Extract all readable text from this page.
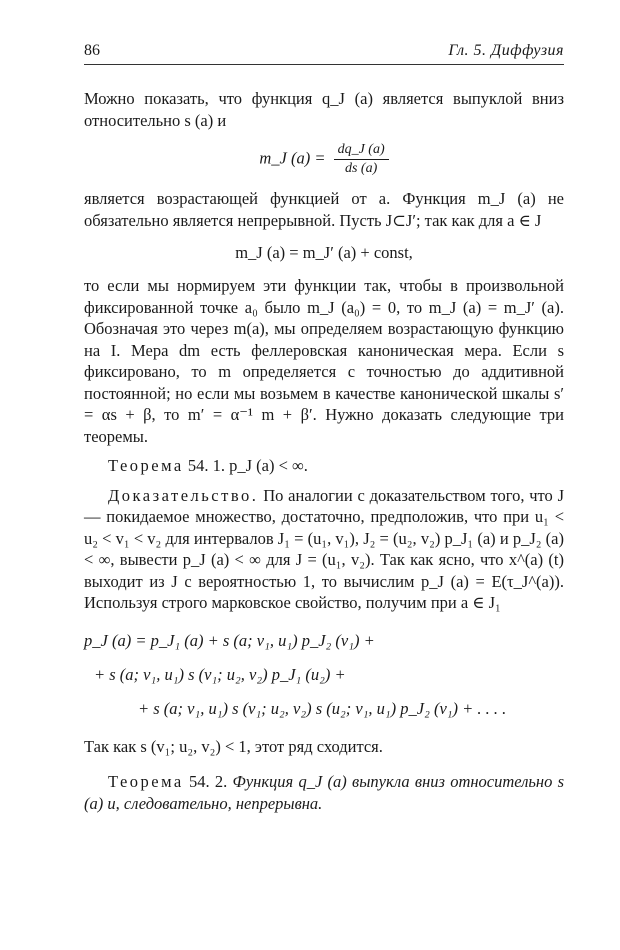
86	Гл. 5. Диффузия

Можно показать, что функция q_J (a) является выпуклой вниз относительно s (a) и

m_J $(a) = \frac{dq\_J (a)}{ds (a)}$

является возрастающей функцией от a. Функция m_J (a) не обязательно является непрерывной. Пусть J⊂J′; так как для a ∈ J

m_J (a) = m_J′ (a) + const,

то если мы нормируем эти функции так, чтобы в произвольной фиксированной точке a₀ было m_J (a₀) = 0, то m_J (a) = m_J′ (a). Обозначая это через m(a), мы определяем возрастающую функцию на I. Мера dm есть феллеровская каноническая мера. Если s фиксировано, то m определяется с точностью до аддитивной постоянной; но если мы возьмем в качестве канонической шкалы s′ = αs + β, то m′ = α⁻¹ m + β′. Нужно доказать следующие три теоремы.

Теорема 54. 1. p_J (a) < ∞.

Доказательство. По аналогии с доказательством того, что J — покидаемое множество, достаточно, предположив, что при u₁ < u₂ < v₁ < v₂ для интервалов J₁ = (u₁, v₁), J₂ = (u₂, v₂) p_J₁ (a) и p_J₂ (a) < ∞, вывести p_J (a) < ∞ для J = (u₁, v₂). Так как ясно, что x^(a) (t) выходит из J с вероятностью 1, то вычислим p_J (a) = E(τ_J^(a)). Используя строго марковское свойство, получим при a ∈ J₁

p_J (a) = p_J₁ (a) + s (a; v₁, u₁) p_J₂ (v₁) +
+ s (a; v₁, u₁) s (v₁; u₂, v₂) p_J₁ (u₂) +
+ s (a; v₁, u₁) s (v₁; u₂, v₂) s (u₂; v₁, u₁) p_J₂ (v₁) + . . . .

Так как s (v₁; u₂, v₂) < 1, этот ряд сходится.

Теорема 54. 2. Функция q_J (a) выпукла вниз относительно s (a) и, следовательно, непрерывна.
